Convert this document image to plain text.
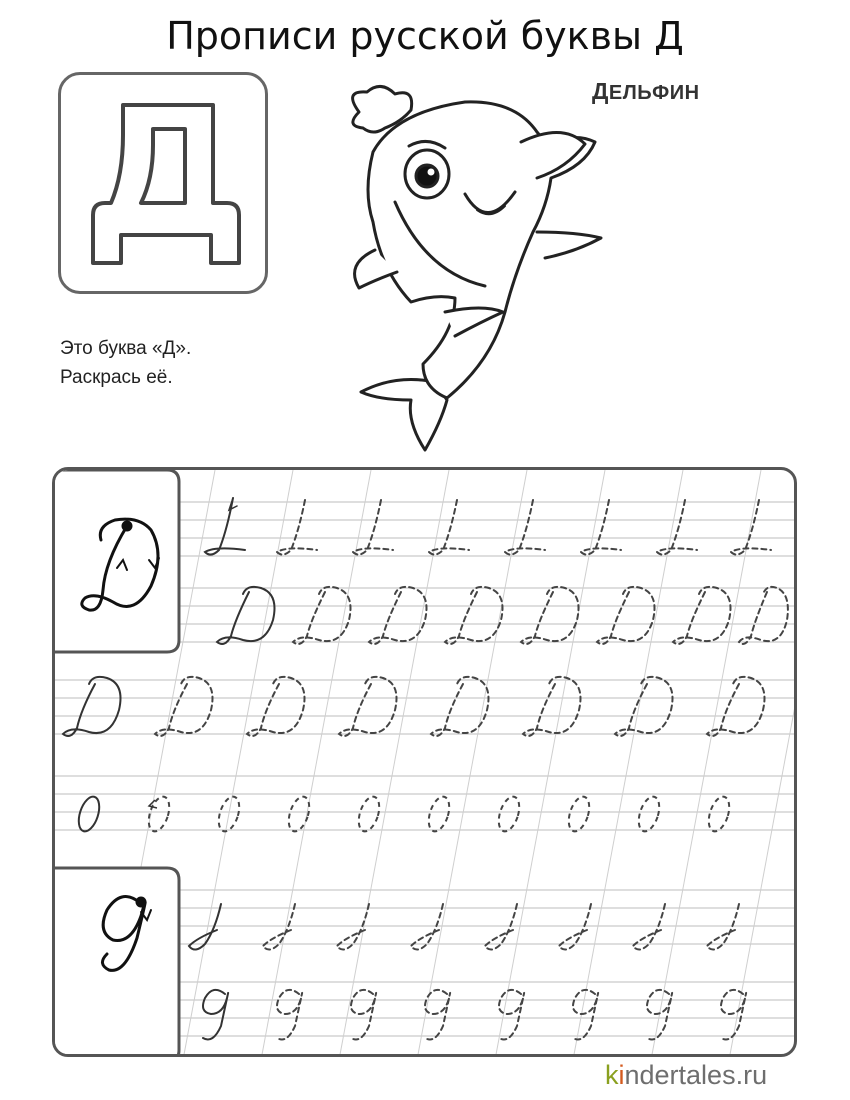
Прописи русской буквы Д
ДЕЛЬФИН
Это буква «Д».
Раскрась её.
kindertales.ru
